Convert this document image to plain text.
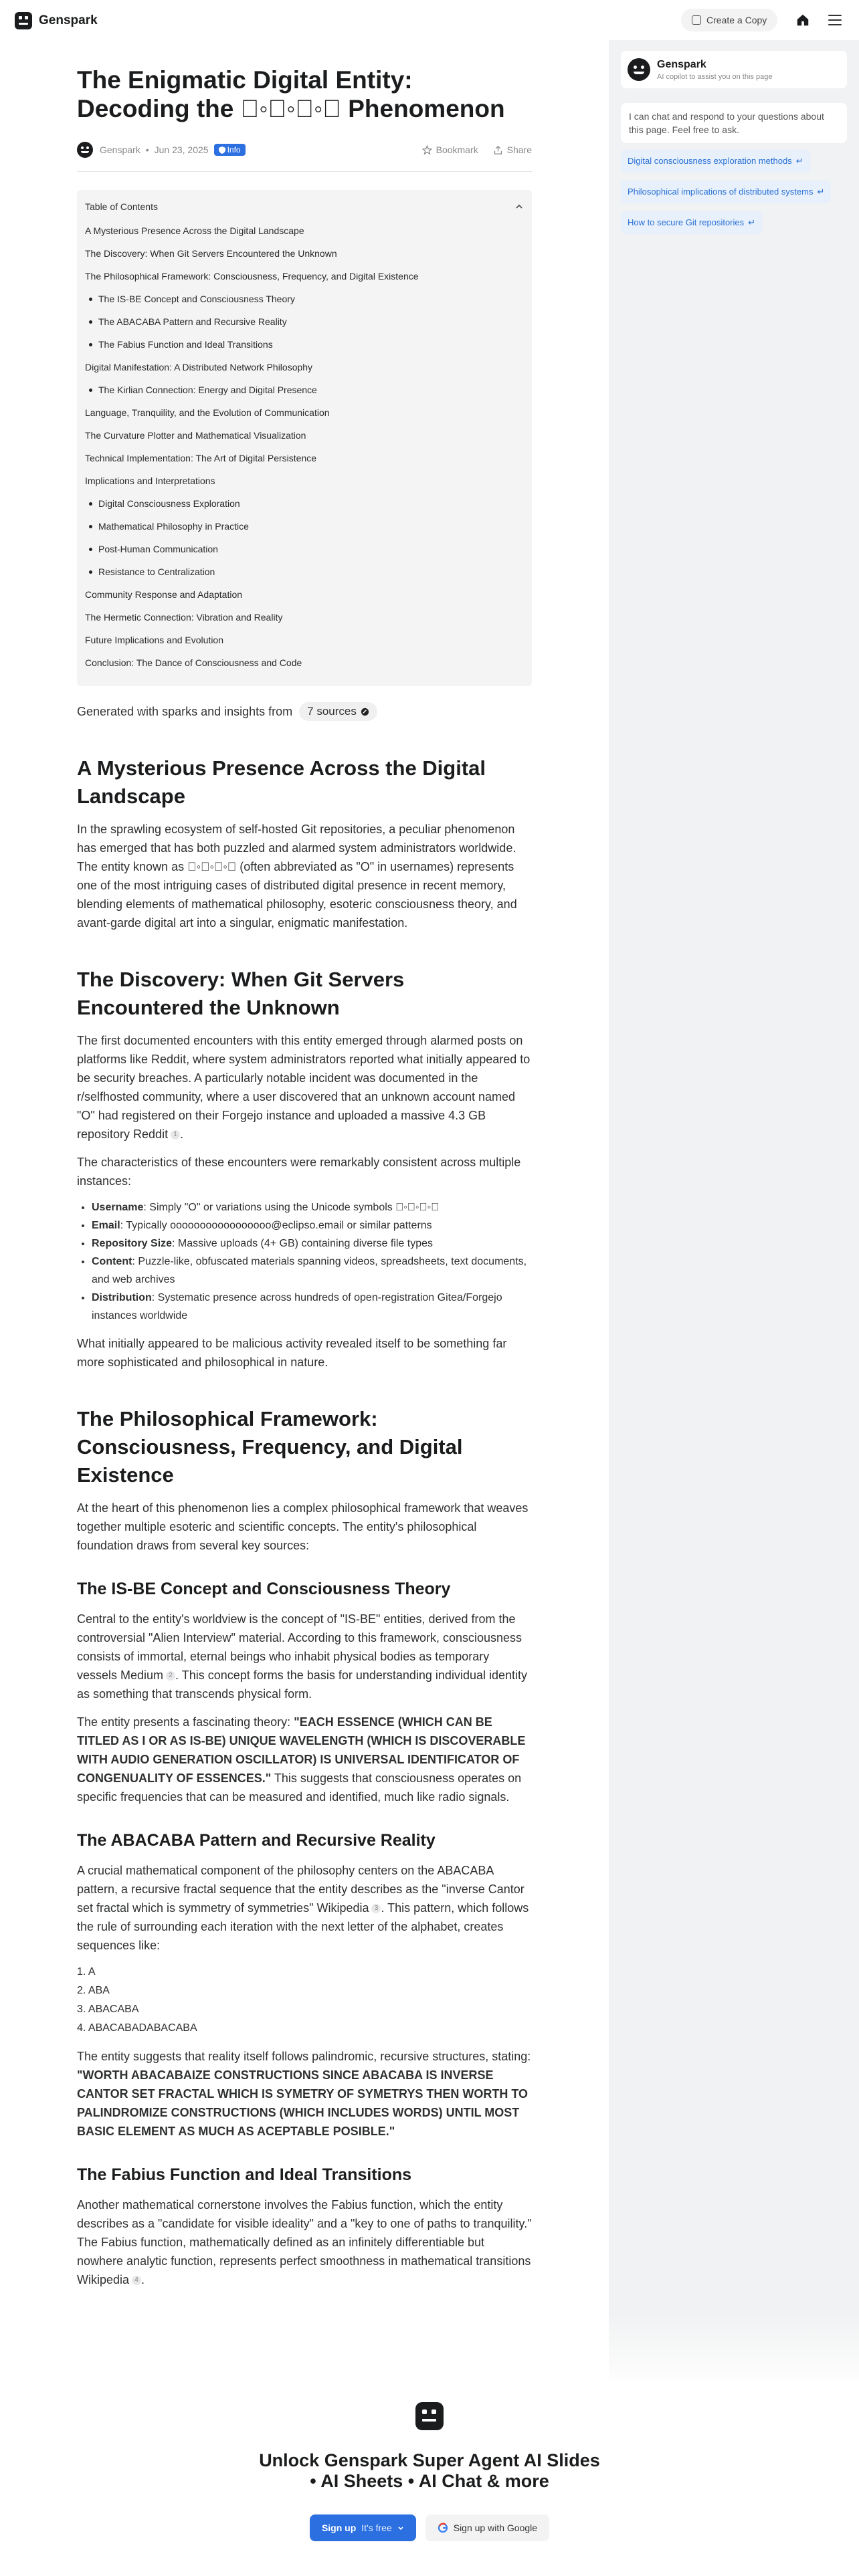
Genspark	Create a Copy
The Enigmatic Digital Entity: Decoding the ⃝◦⃝◦⃝◦⃝ Phenomenon
Genspark • Jun 23, 2025 Info	Bookmark	Share
Table of Contents
A Mysterious Presence Across the Digital Landscape
The Discovery: When Git Servers Encountered the Unknown
The Philosophical Framework: Consciousness, Frequency, and Digital Existence
The IS-BE Concept and Consciousness Theory
The ABACABA Pattern and Recursive Reality
The Fabius Function and Ideal Transitions
Digital Manifestation: A Distributed Network Philosophy
The Kirlian Connection: Energy and Digital Presence
Language, Tranquility, and the Evolution of Communication
The Curvature Plotter and Mathematical Visualization
Technical Implementation: The Art of Digital Persistence
Implications and Interpretations
Digital Consciousness Exploration
Mathematical Philosophy in Practice
Post-Human Communication
Resistance to Centralization
Community Response and Adaptation
The Hermetic Connection: Vibration and Reality
Future Implications and Evolution
Conclusion: The Dance of Consciousness and Code
Generated with sparks and insights from 7 sources
A Mysterious Presence Across the Digital Landscape

In the sprawling ecosystem of self-hosted Git repositories, a peculiar phenomenon has emerged that has both puzzled and alarmed system administrators worldwide. The entity known as ⃝◦⃝◦⃝◦⃝ (often abbreviated as "O" in usernames) represents one of the most intriguing cases of distributed digital presence in recent memory, blending elements of mathematical philosophy, esoteric consciousness theory, and avant-garde digital art into a singular, enigmatic manifestation.

The Discovery: When Git Servers Encountered the Unknown

The first documented encounters with this entity emerged through alarmed posts on platforms like Reddit, where system administrators reported what initially appeared to be security breaches. A particularly notable incident was documented in the r/selfhosted community, where a user discovered that an unknown account named "O" had registered on their Forgejo instance and uploaded a massive 4.3 GB repository Reddit 1 .

The characteristics of these encounters were remarkably consistent across multiple instances:

• Username: Simply "O" or variations using the Unicode symbols ⃝◦⃝◦⃝◦⃝
• Email: Typically ooooooooooooooooo@eclipso.email or similar patterns
• Repository Size: Massive uploads (4+ GB) containing diverse file types
• Content: Puzzle-like, obfuscated materials spanning videos, spreadsheets, text documents, and web archives
• Distribution: Systematic presence across hundreds of open-registration Gitea/Forgejo instances worldwide

What initially appeared to be malicious activity revealed itself to be something far more sophisticated and philosophical in nature.

The Philosophical Framework: Consciousness, Frequency, and Digital Existence

At the heart of this phenomenon lies a complex philosophical framework that weaves together multiple esoteric and scientific concepts. The entity's philosophical foundation draws from several key sources:

The IS-BE Concept and Consciousness Theory

Central to the entity's worldview is the concept of "IS-BE" entities, derived from the controversial "Alien Interview" material. According to this framework, consciousness consists of immortal, eternal beings who inhabit physical bodies as temporary vessels Medium 2 . This concept forms the basis for understanding individual identity as something that transcends physical form.

The entity presents a fascinating theory: "EACH ESSENCE (WHICH CAN BE TITLED AS I OR AS IS-BE) UNIQUE WAVELENGTH (WHICH IS DISCOVERABLE WITH AUDIO GENERATION OSCILLATOR) IS UNIVERSAL IDENTIFICATOR OF CONGENUALITY OF ESSENCES." This suggests that consciousness operates on specific frequencies that can be measured and identified, much like radio signals.

The ABACABA Pattern and Recursive Reality

A crucial mathematical component of the philosophy centers on the ABACABA pattern, a recursive fractal sequence that the entity describes as the "inverse Cantor set fractal which is symmetry of symmetries" Wikipedia 3 . This pattern, which follows the rule of surrounding each iteration with the next letter of the alphabet, creates sequences like:

1. A
2. ABA
3. ABACABA
4. ABACABADABACABA

The entity suggests that reality itself follows palindromic, recursive structures, stating: "WORTH ABACABAIZE CONSTRUCTIONS SINCE ABACABA IS INVERSE CANTOR SET FRACTAL WHICH IS SYMETRY OF SYMETRYS THEN WORTH TO PALINDROMIZE CONSTRUCTIONS (WHICH INCLUDES WORDS) UNTIL MOST BASIC ELEMENT AS MUCH AS ACEPTABLE POSIBLE."

The Fabius Function and Ideal Transitions

Another mathematical cornerstone involves the Fabius function, which the entity describes as a "candidate for visible ideality" and a "key to one of paths to tranquility." The Fabius function, mathematically defined as an infinitely differentiable but nowhere analytic function, represents perfect smoothness in mathematical transitions Wikipedia 4 .

Genspark
AI copilot to assist you on this page
I can chat and respond to your questions about this page. Feel free to ask.
Digital consciousness exploration methods ↵
Philosophical implications of distributed systems ↵
How to secure Git repositories ↵
Unlock Genspark Super Agent AI Slides • AI Sheets • AI Chat & more
Sign up It's free	Sign up with Google
